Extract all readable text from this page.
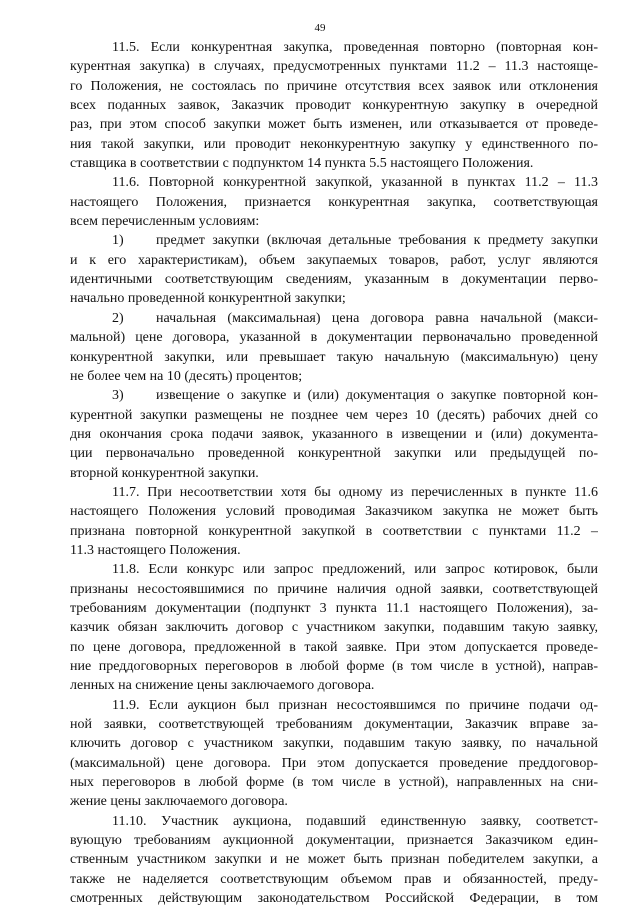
49

11.5. Если конкурентная закупка, проведенная повторно (повторная кон-

курентная закупка) в случаях, предусмотренных пунктами 11.2 – 11.3 настояще-

го Положения, не состоялась по причине отсутствия всех заявок или отклонения

всех поданных заявок, Заказчик проводит конкурентную закупку в очередной

раз, при этом способ закупки может быть изменен, или отказывается от проведе-

ния такой закупки, или проводит неконкурентную закупку у единственного по-

ставщика в соответствии с подпунктом 14 пункта 5.5 настоящего Положения.

11.6. Повторной конкурентной закупкой, указанной в пунктах 11.2 – 11.3

настоящего Положения, признается конкурентная закупка, соответствующая

всем перечисленным условиям:

1) предмет закупки (включая детальные требования к предмету закупки

и к его характеристикам), объем закупаемых товаров, работ, услуг являются

идентичными соответствующим сведениям, указанным в документации перво-

начально проведенной конкурентной закупки;

2) начальная (максимальная) цена договора равна начальной (макси-

мальной) цене договора, указанной в документации первоначально проведенной

конкурентной закупки, или превышает такую начальную (максимальную) цену

не более чем на 10 (десять) процентов;

3) извещение о закупке и (или) документация о закупке повторной кон-

курентной закупки размещены не позднее чем через 10 (десять) рабочих дней со

дня окончания срока подачи заявок, указанного в извещении и (или) документа-

ции первоначально проведенной конкурентной закупки или предыдущей по-

вторной конкурентной закупки.

11.7. При несоответствии хотя бы одному из перечисленных в пункте 11.6

настоящего Положения условий проводимая Заказчиком закупка не может быть

признана повторной конкурентной закупкой в соответствии с пунктами 11.2 –

11.3 настоящего Положения.

11.8. Если конкурс или запрос предложений, или запрос котировок, были

признаны несостоявшимися по причине наличия одной заявки, соответствующей

требованиям документации (подпункт 3 пункта 11.1 настоящего Положения), за-

казчик обязан заключить договор с участником закупки, подавшим такую заявку,

по цене договора, предложенной в такой заявке. При этом допускается проведе-

ние преддоговорных переговоров в любой форме (в том числе в устной), направ-

ленных на снижение цены заключаемого договора.

11.9. Если аукцион был признан несостоявшимся по причине подачи од-

ной заявки, соответствующей требованиям документации, Заказчик вправе за-

ключить договор с участником закупки, подавшим такую заявку, по начальной

(максимальной) цене договора. При этом допускается проведение преддоговор-

ных переговоров в любой форме (в том числе в устной), направленных на сни-

жение цены заключаемого договора.

11.10. Участник аукциона, подавший единственную заявку, соответст-

вующую требованиям аукционной документации, признается Заказчиком един-

ственным участником закупки и не может быть признан победителем закупки, а

также не наделяется соответствующим объемом прав и обязанностей, преду-

смотренных действующим законодательством Российской Федерации, в том
